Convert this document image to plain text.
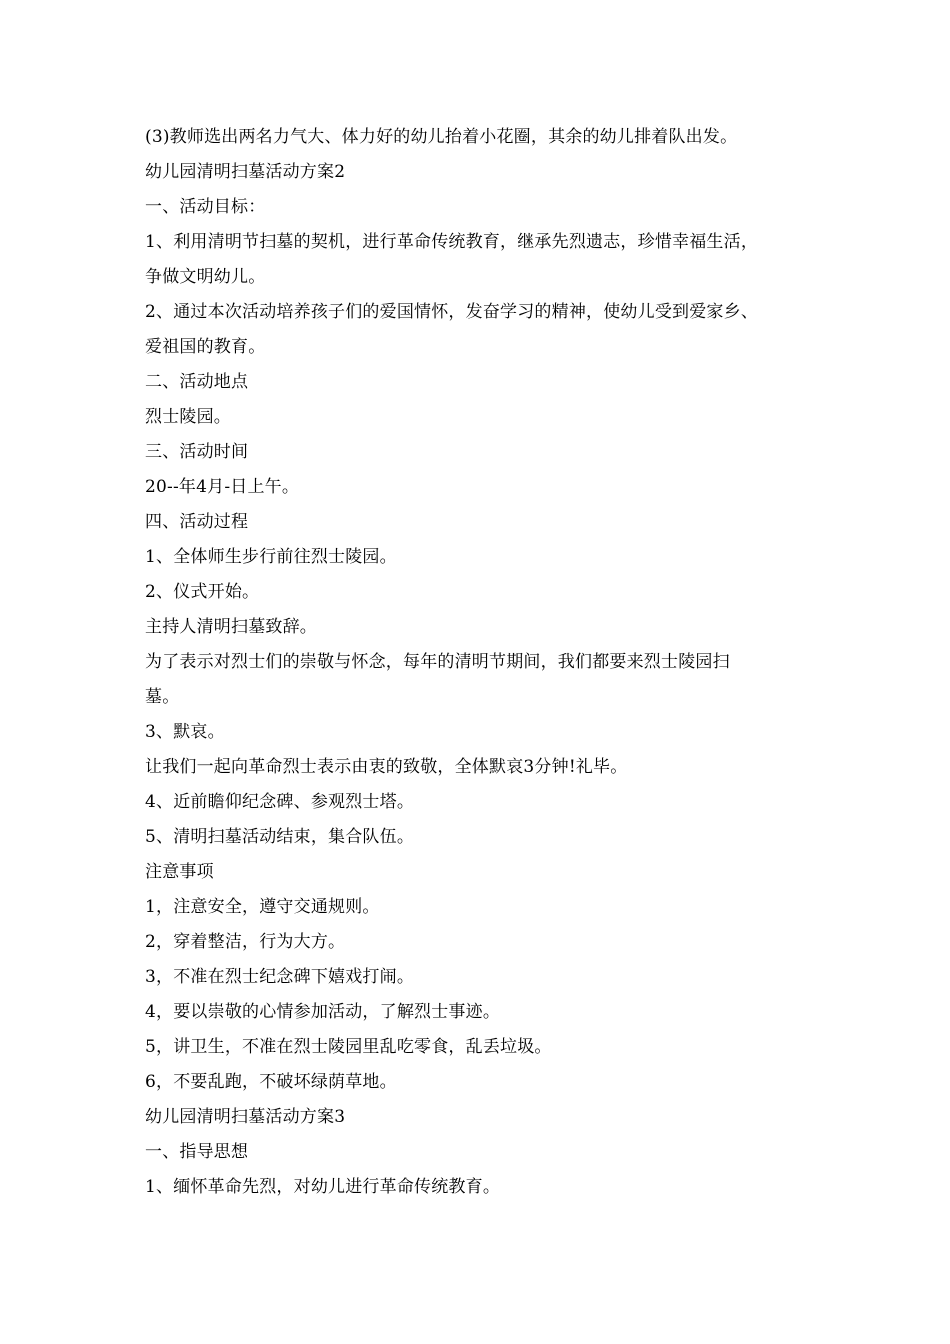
(3)教师选出两名力气大、体力好的幼儿抬着小花圈，其余的幼儿排着队出发。
幼儿园清明扫墓活动方案2
一、活动目标：
1、利用清明节扫墓的契机，进行革命传统教育，继承先烈遗志，珍惜幸福生活，
争做文明幼儿。
2、通过本次活动培养孩子们的爱国情怀，发奋学习的精神，使幼儿受到爱家乡、
爱祖国的教育。
二、活动地点
烈士陵园。
三、活动时间
20--年4月-日上午。
四、活动过程
1、全体师生步行前往烈士陵园。
2、仪式开始。
主持人清明扫墓致辞。
为了表示对烈士们的崇敬与怀念，每年的清明节期间，我们都要来烈士陵园扫
墓。
3、默哀。
让我们一起向革命烈士表示由衷的致敬，全体默哀3分钟!礼毕。
4、近前瞻仰纪念碑、参观烈士塔。
5、清明扫墓活动结束，集合队伍。
注意事项
1，注意安全，遵守交通规则。
2，穿着整洁，行为大方。
3，不准在烈士纪念碑下嬉戏打闹。
4，要以崇敬的心情参加活动，了解烈士事迹。
5，讲卫生，不准在烈士陵园里乱吃零食，乱丢垃圾。
6，不要乱跑，不破坏绿荫草地。
幼儿园清明扫墓活动方案3
一、指导思想
1、缅怀革命先烈，对幼儿进行革命传统教育。
